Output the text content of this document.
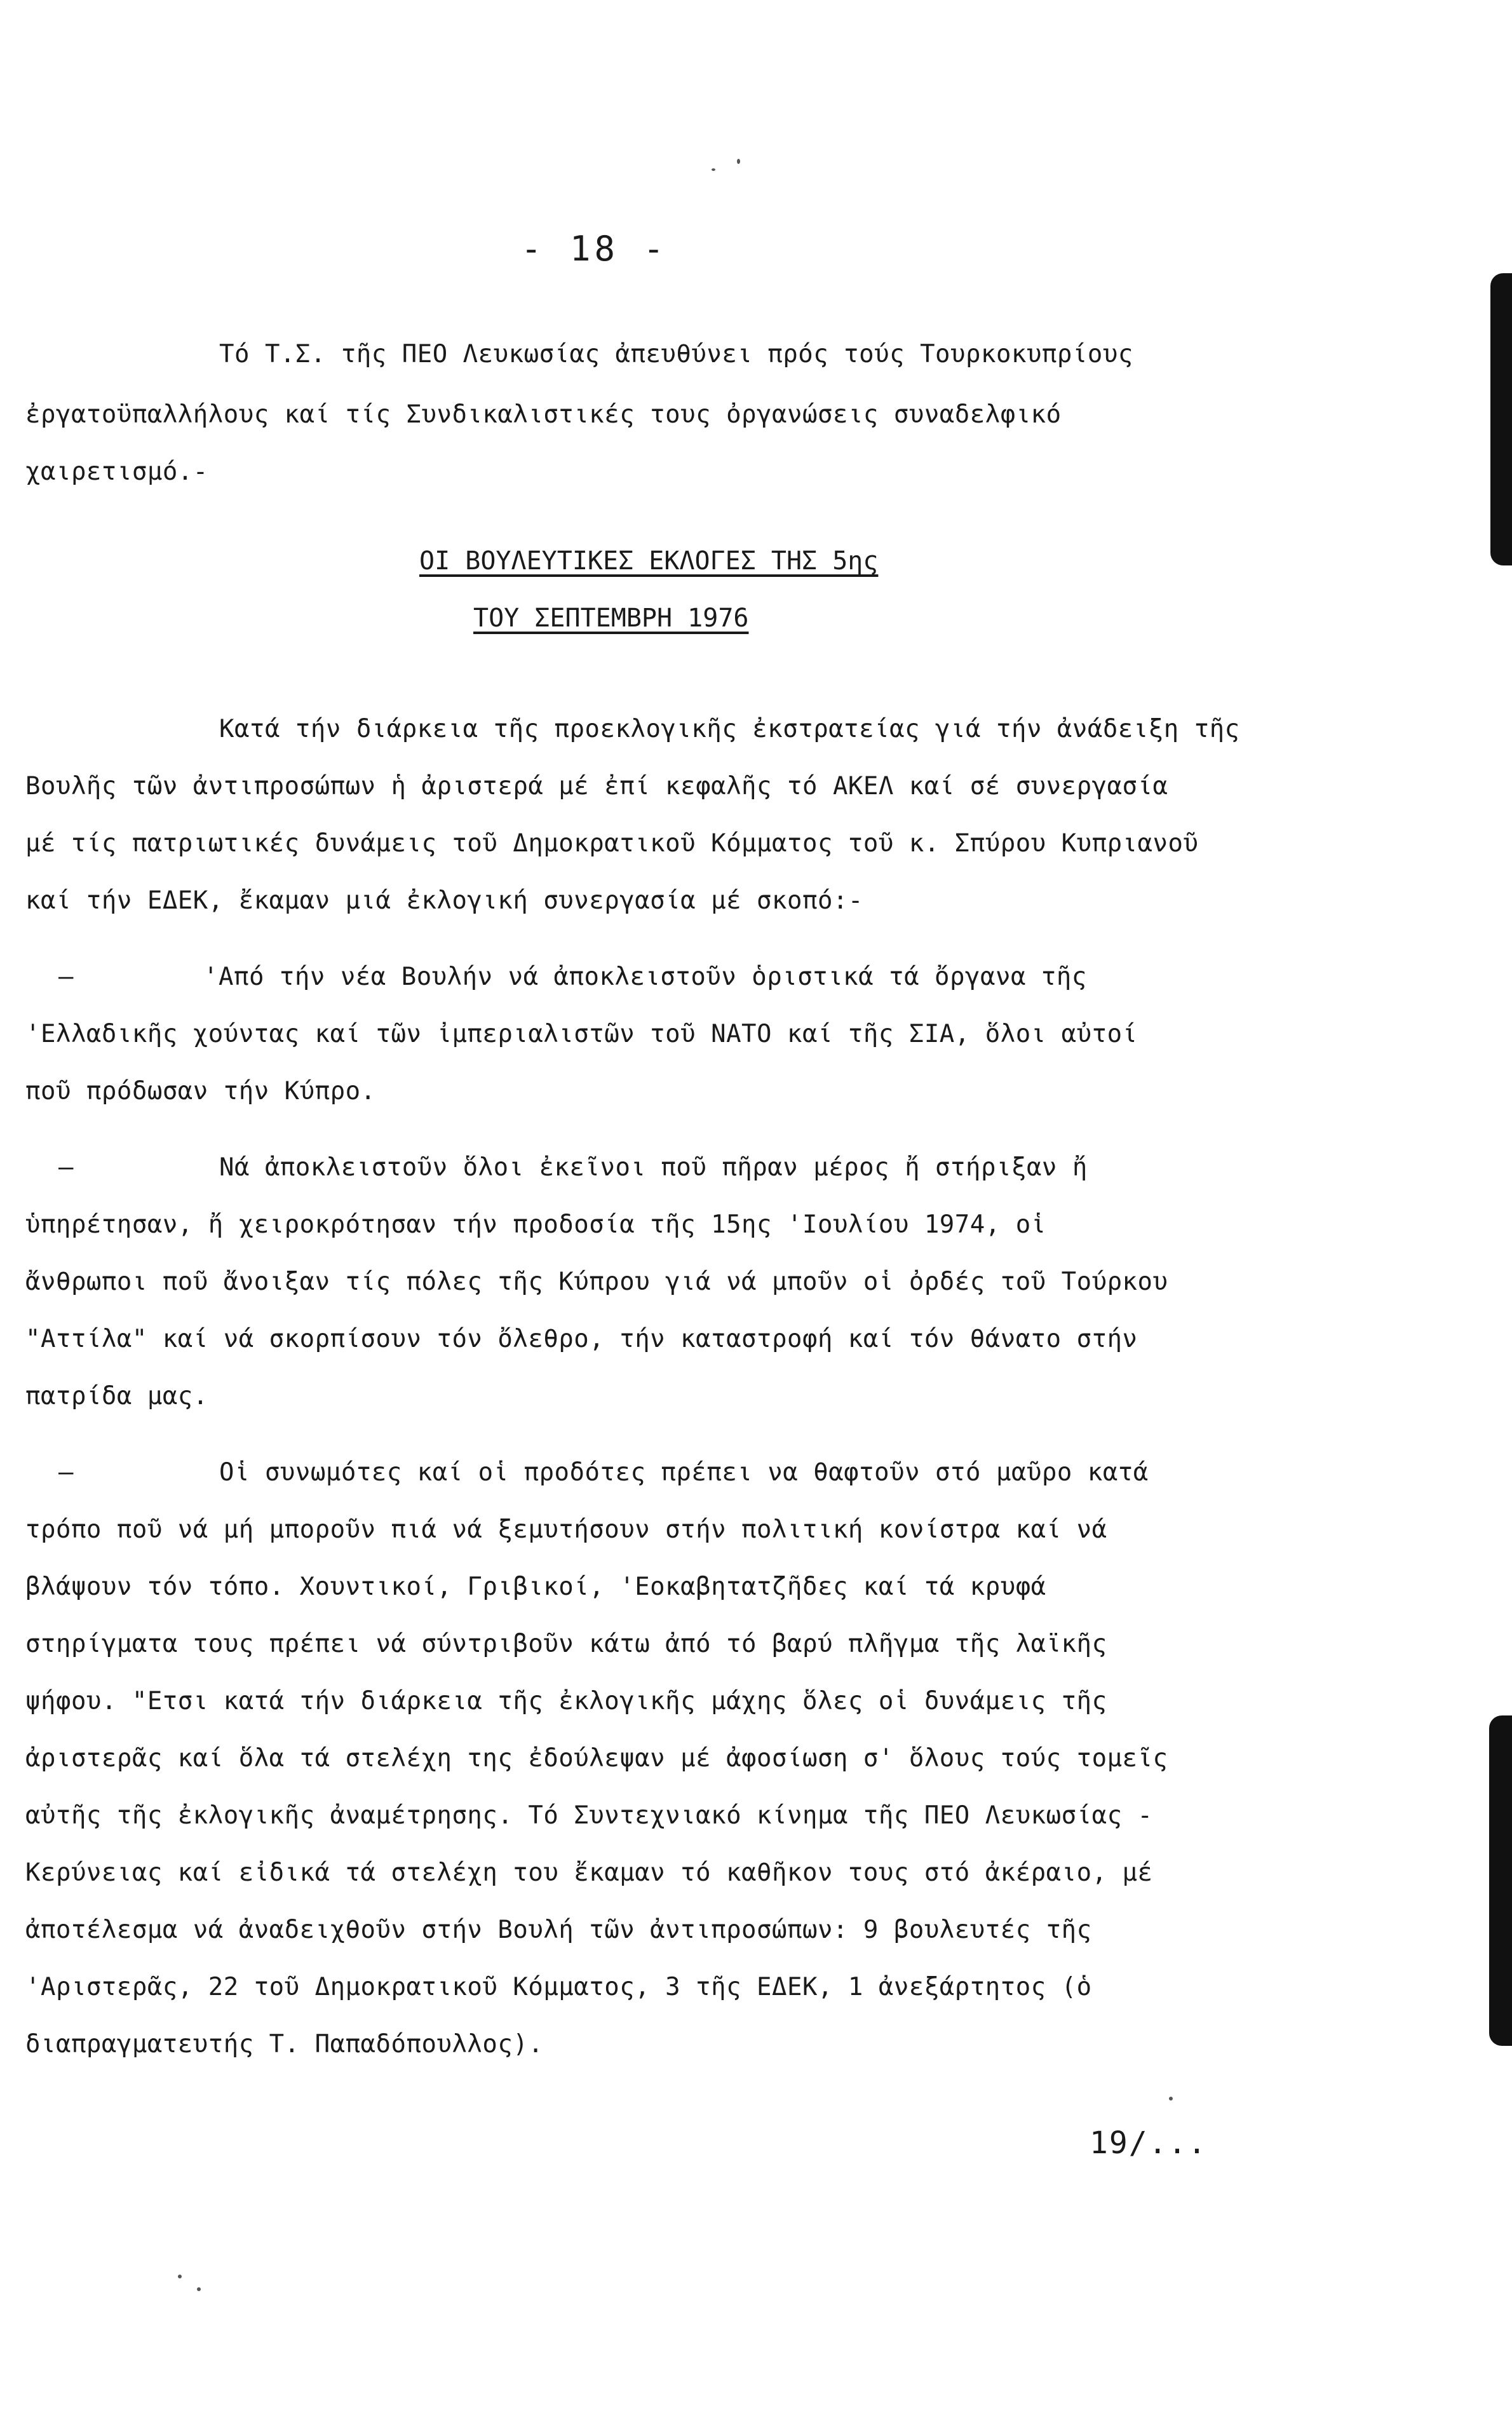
- 18 -
Τό Τ.Σ. τῆς ΠΕΟ Λευκωσίας ἀπευθύνει πρός τούς Τουρκοκυπρίους
ἐργατοϋπαλλήλους καί τίς Συνδικαλιστικές τους ὀργανώσεις συναδελφικό
χαιρετισμό.-
ΟΙ ΒΟΥΛΕΥΤΙΚΕΣ ΕΚΛΟΓΕΣ ΤΗΣ 5ης
ΤΟΥ ΣΕΠΤΕΜΒΡΗ 1976
Κατά τήν διάρκεια τῆς προεκλογικῆς ἐκστρατείας γιά τήν ἀνάδειξη τῆς
Βουλῆς τῶν ἀντιπροσώπων ἡ ἀριστερά μέ ἐπί κεφαλῆς τό ΑΚΕΛ καί σέ συνεργασία
μέ τίς πατριωτικές δυνάμεις τοῦ Δημοκρατικοῦ Κόμματος τοῦ κ. Σπύρου Κυπριανοῦ
καί τήν ΕΔΕΚ, ἔκαμαν μιά ἐκλογική συνεργασία μέ σκοπό:-
—	'Από τήν νέα Βουλήν νά ἀποκλειστοῦν ὁριστικά τά ὄργανα τῆς
'Ελλαδικῆς χούντας καί τῶν ἰμπεριαλιστῶν τοῦ ΝΑΤΟ καί τῆς ΣΙΑ, ὅλοι αὐτοί
ποῦ πρόδωσαν τήν Κύπρο.
—	Νά ἀποκλειστοῦν ὅλοι ἐκεῖνοι ποῦ πῆραν μέρος ἤ στήριξαν ἤ
ὑπηρέτησαν, ἤ χειροκρότησαν τήν προδοσία τῆς 15ης 'Ιουλίου 1974, οἱ
ἄνθρωποι ποῦ ἄνοιξαν τίς πόλες τῆς Κύπρου γιά νά μποῦν οἱ ὀρδές τοῦ Τούρκου
"Αττίλα" καί νά σκορπίσουν τόν ὄλεθρο, τήν καταστροφή καί τόν θάνατο στήν
πατρίδα μας.
—	Οἱ συνωμότες καί οἱ προδότες πρέπει να θαφτοῦν στό μαῦρο κατά
τρόπο ποῦ νά μή μποροῦν πιά νά ξεμυτήσουν στήν πολιτική κονίστρα καί νά
βλάψουν τόν τόπο. Χουντικοί, Γριβικοί, 'Εοκαβητατζῆδες καί τά κρυφά
στηρίγματα τους πρέπει νά σύντριβοῦν κάτω ἀπό τό βαρύ πλῆγμα τῆς λαϊκῆς
ψήφου. "Ετσι κατά τήν διάρκεια τῆς ἐκλογικῆς μάχης ὅλες οἱ δυνάμεις τῆς
ἀριστερᾶς καί ὅλα τά στελέχη της ἐδούλεψαν μέ ἀφοσίωση σ' ὅλους τούς τομεῖς
αὐτῆς τῆς ἐκλογικῆς ἀναμέτρησης. Τό Συντεχνιακό κίνημα τῆς ΠΕΟ Λευκωσίας -
Κερύνειας καί εἰδικά τά στελέχη του ἔκαμαν τό καθῆκον τους στό ἀκέραιο, μέ
ἀποτέλεσμα νά ἀναδειχθοῦν στήν Βουλή τῶν ἀντιπροσώπων: 9 βουλευτές τῆς
'Αριστερᾶς, 22 τοῦ Δημοκρατικοῦ Κόμματος, 3 τῆς ΕΔΕΚ, 1 ἀνεξάρτητος (ὁ
διαπραγματευτής Τ. Παπαδόπουλλος).
19/...
